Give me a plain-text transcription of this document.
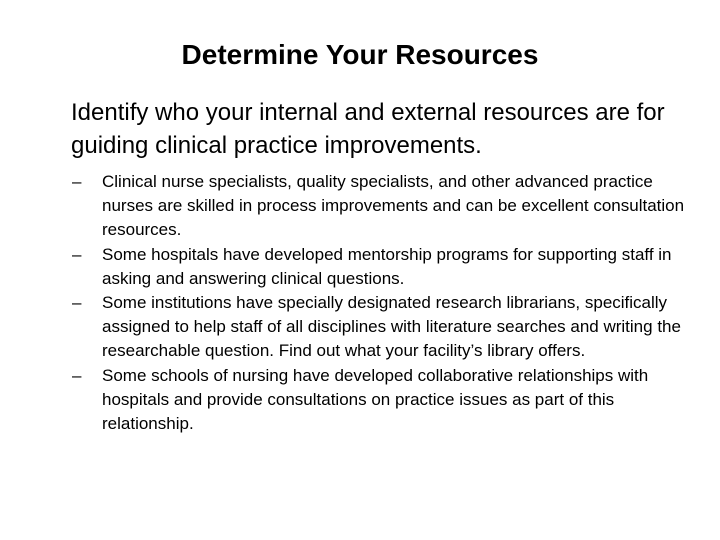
Determine Your Resources

Identify who your internal and external resources are for guiding clinical practice improvements.

–	Clinical nurse specialists, quality specialists, and other advanced practice nurses are skilled in process improvements and can be excellent consultation resources.
–	Some hospitals have developed mentorship programs for supporting staff in asking and answering clinical questions.
–	Some institutions have specially designated research librarians, specifically assigned to help staff of all disciplines with literature searches and writing the researchable question. Find out what your facility’s library offers.
–	Some schools of nursing have developed collaborative relationships with hospitals and provide consultations on practice issues as part of this relationship.
